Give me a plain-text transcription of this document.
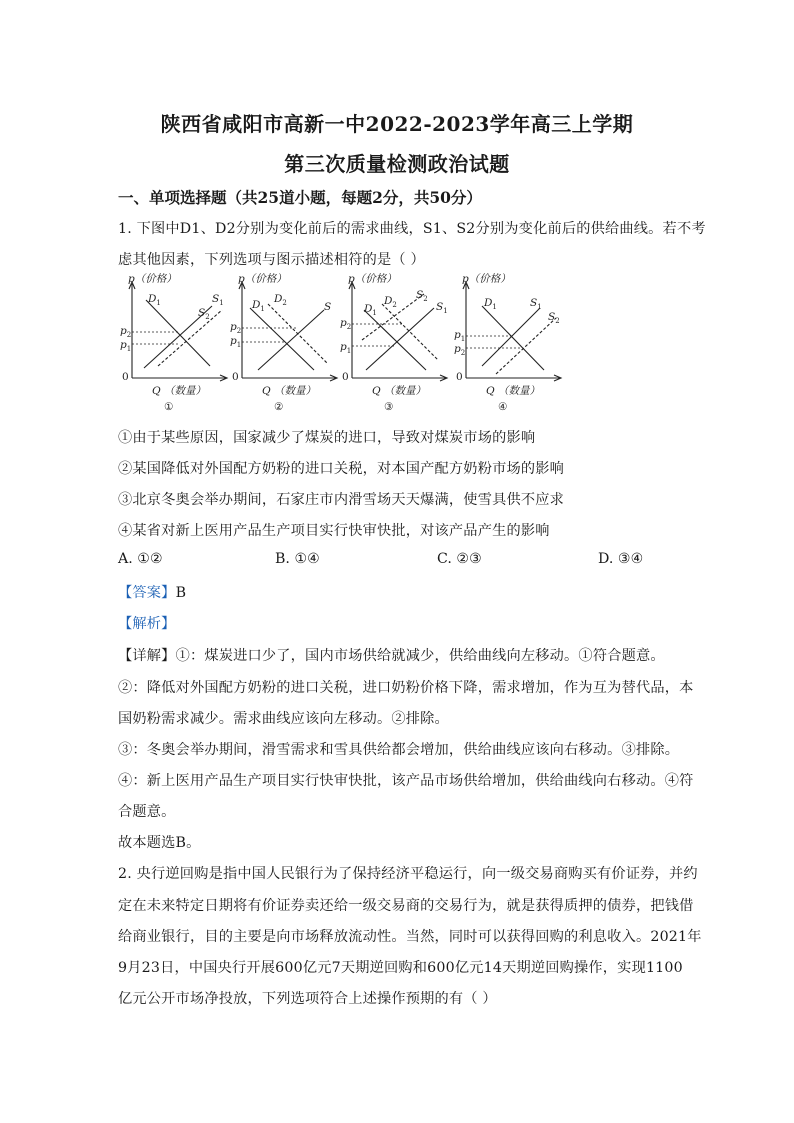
陕西省咸阳市高新一中2022-2023学年高三上学期
第三次质量检测政治试题
一、单项选择题（共25道小题，每题2分，共50分）
1. 下图中D1、D2分别为变化前后的需求曲线，S1、S2分别为变化前后的供给曲线。若不考
虑其他因素，下列选项与图示描述相符的是（ ）
p（价格）
$D_1$	$S_1$
$S_2$
$p_2$
$p_1$
0
Q （数量）
①
p（价格）
$D_1$
$D_2$	S
$p_2$
$p_1$
0
Q （数量）
②
p（价格）
$D_1$
$D_2$
$S_2$
$S_1$
$p_2$
$p_1$
0
Q （数量）
③
p（价格）
$D_1$	$S_1$
$S_2$
$p_1$
$p_2$
0
Q （数量）
④
①由于某些原因，国家减少了煤炭的进口，导致对煤炭市场的影响
②某国降低对外国配方奶粉的进口关税，对本国产配方奶粉市场的影响
③北京冬奥会举办期间，石家庄市内滑雪场天天爆满，使雪具供不应求
④某省对新上医用产品生产项目实行快审快批，对该产品产生的影响
A. ①②	B. ①④	C. ②③	D. ③④
【答案】B
【解析】
【详解】①：煤炭进口少了，国内市场供给就减少，供给曲线向左移动。①符合题意。
②：降低对外国配方奶粉的进口关税，进口奶粉价格下降，需求增加，作为互为替代品，本
国奶粉需求减少。需求曲线应该向左移动。②排除。
③：冬奥会举办期间，滑雪需求和雪具供给都会增加，供给曲线应该向右移动。③排除。
④：新上医用产品生产项目实行快审快批，该产品市场供给增加，供给曲线向右移动。④符
合题意。
故本题选B。
2. 央行逆回购是指中国人民银行为了保持经济平稳运行，向一级交易商购买有价证券，并约
定在未来特定日期将有价证券卖还给一级交易商的交易行为，就是获得质押的债券，把钱借
给商业银行，目的主要是向市场释放流动性。当然，同时可以获得回购的利息收入。2021年
9月23日，中国央行开展600亿元7天期逆回购和600亿元14天期逆回购操作，实现1100
亿元公开市场净投放，下列选项符合上述操作预期的有（ ）
